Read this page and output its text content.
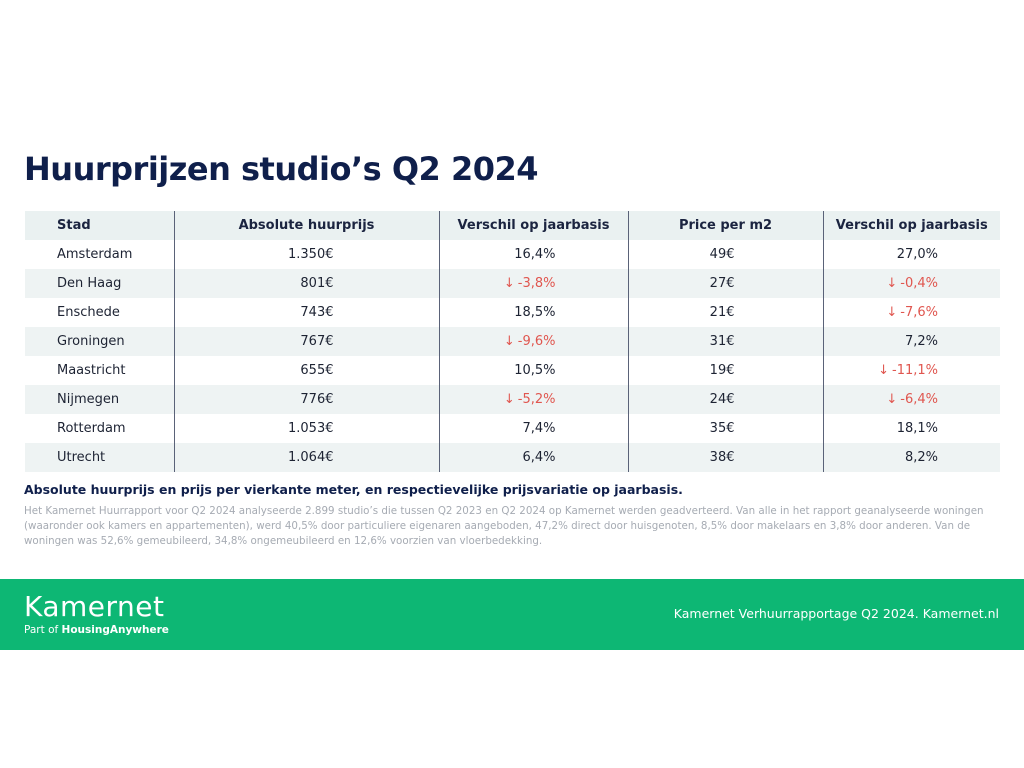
Huurprijzen studio’s Q2 2024
Stad	Absolute huurprijs	Verschil op jaarbasis	Price per m2	Verschil op jaarbasis
Amsterdam	1.350€	16,4%	49€	27,0%
Den Haag	801€	↓ -3,8%	27€	↓ -0,4%
Enschede	743€	18,5%	21€	↓ -7,6%
Groningen	767€	↓ -9,6%	31€	7,2%
Maastricht	655€	10,5%	19€	↓ -11,1%
Nijmegen	776€	↓ -5,2%	24€	↓ -6,4%
Rotterdam	1.053€	7,4%	35€	18,1%
Utrecht	1.064€	6,4%	38€	8,2%

Absolute huurprijs en prijs per vierkante meter, en respectievelijke prijsvariatie op jaarbasis.

Het Kamernet Huurrapport voor Q2 2024 analyseerde 2.899 studio’s die tussen Q2 2023 en Q2 2024 op Kamernet werden geadverteerd. Van alle in het rapport geanalyseerde woningen (waaronder ook kamers en appartementen), werd 40,5% door particuliere eigenaren aangeboden, 47,2% direct door huisgenoten, 8,5% door makelaars en 3,8% door anderen. Van de woningen was 52,6% gemeubileerd, 34,8% ongemeubileerd en 12,6% voorzien van vloerbedekking.

Kamernet
Part of HousingAnywhere
Kamernet Verhuurrapportage Q2 2024. Kamernet.nl
